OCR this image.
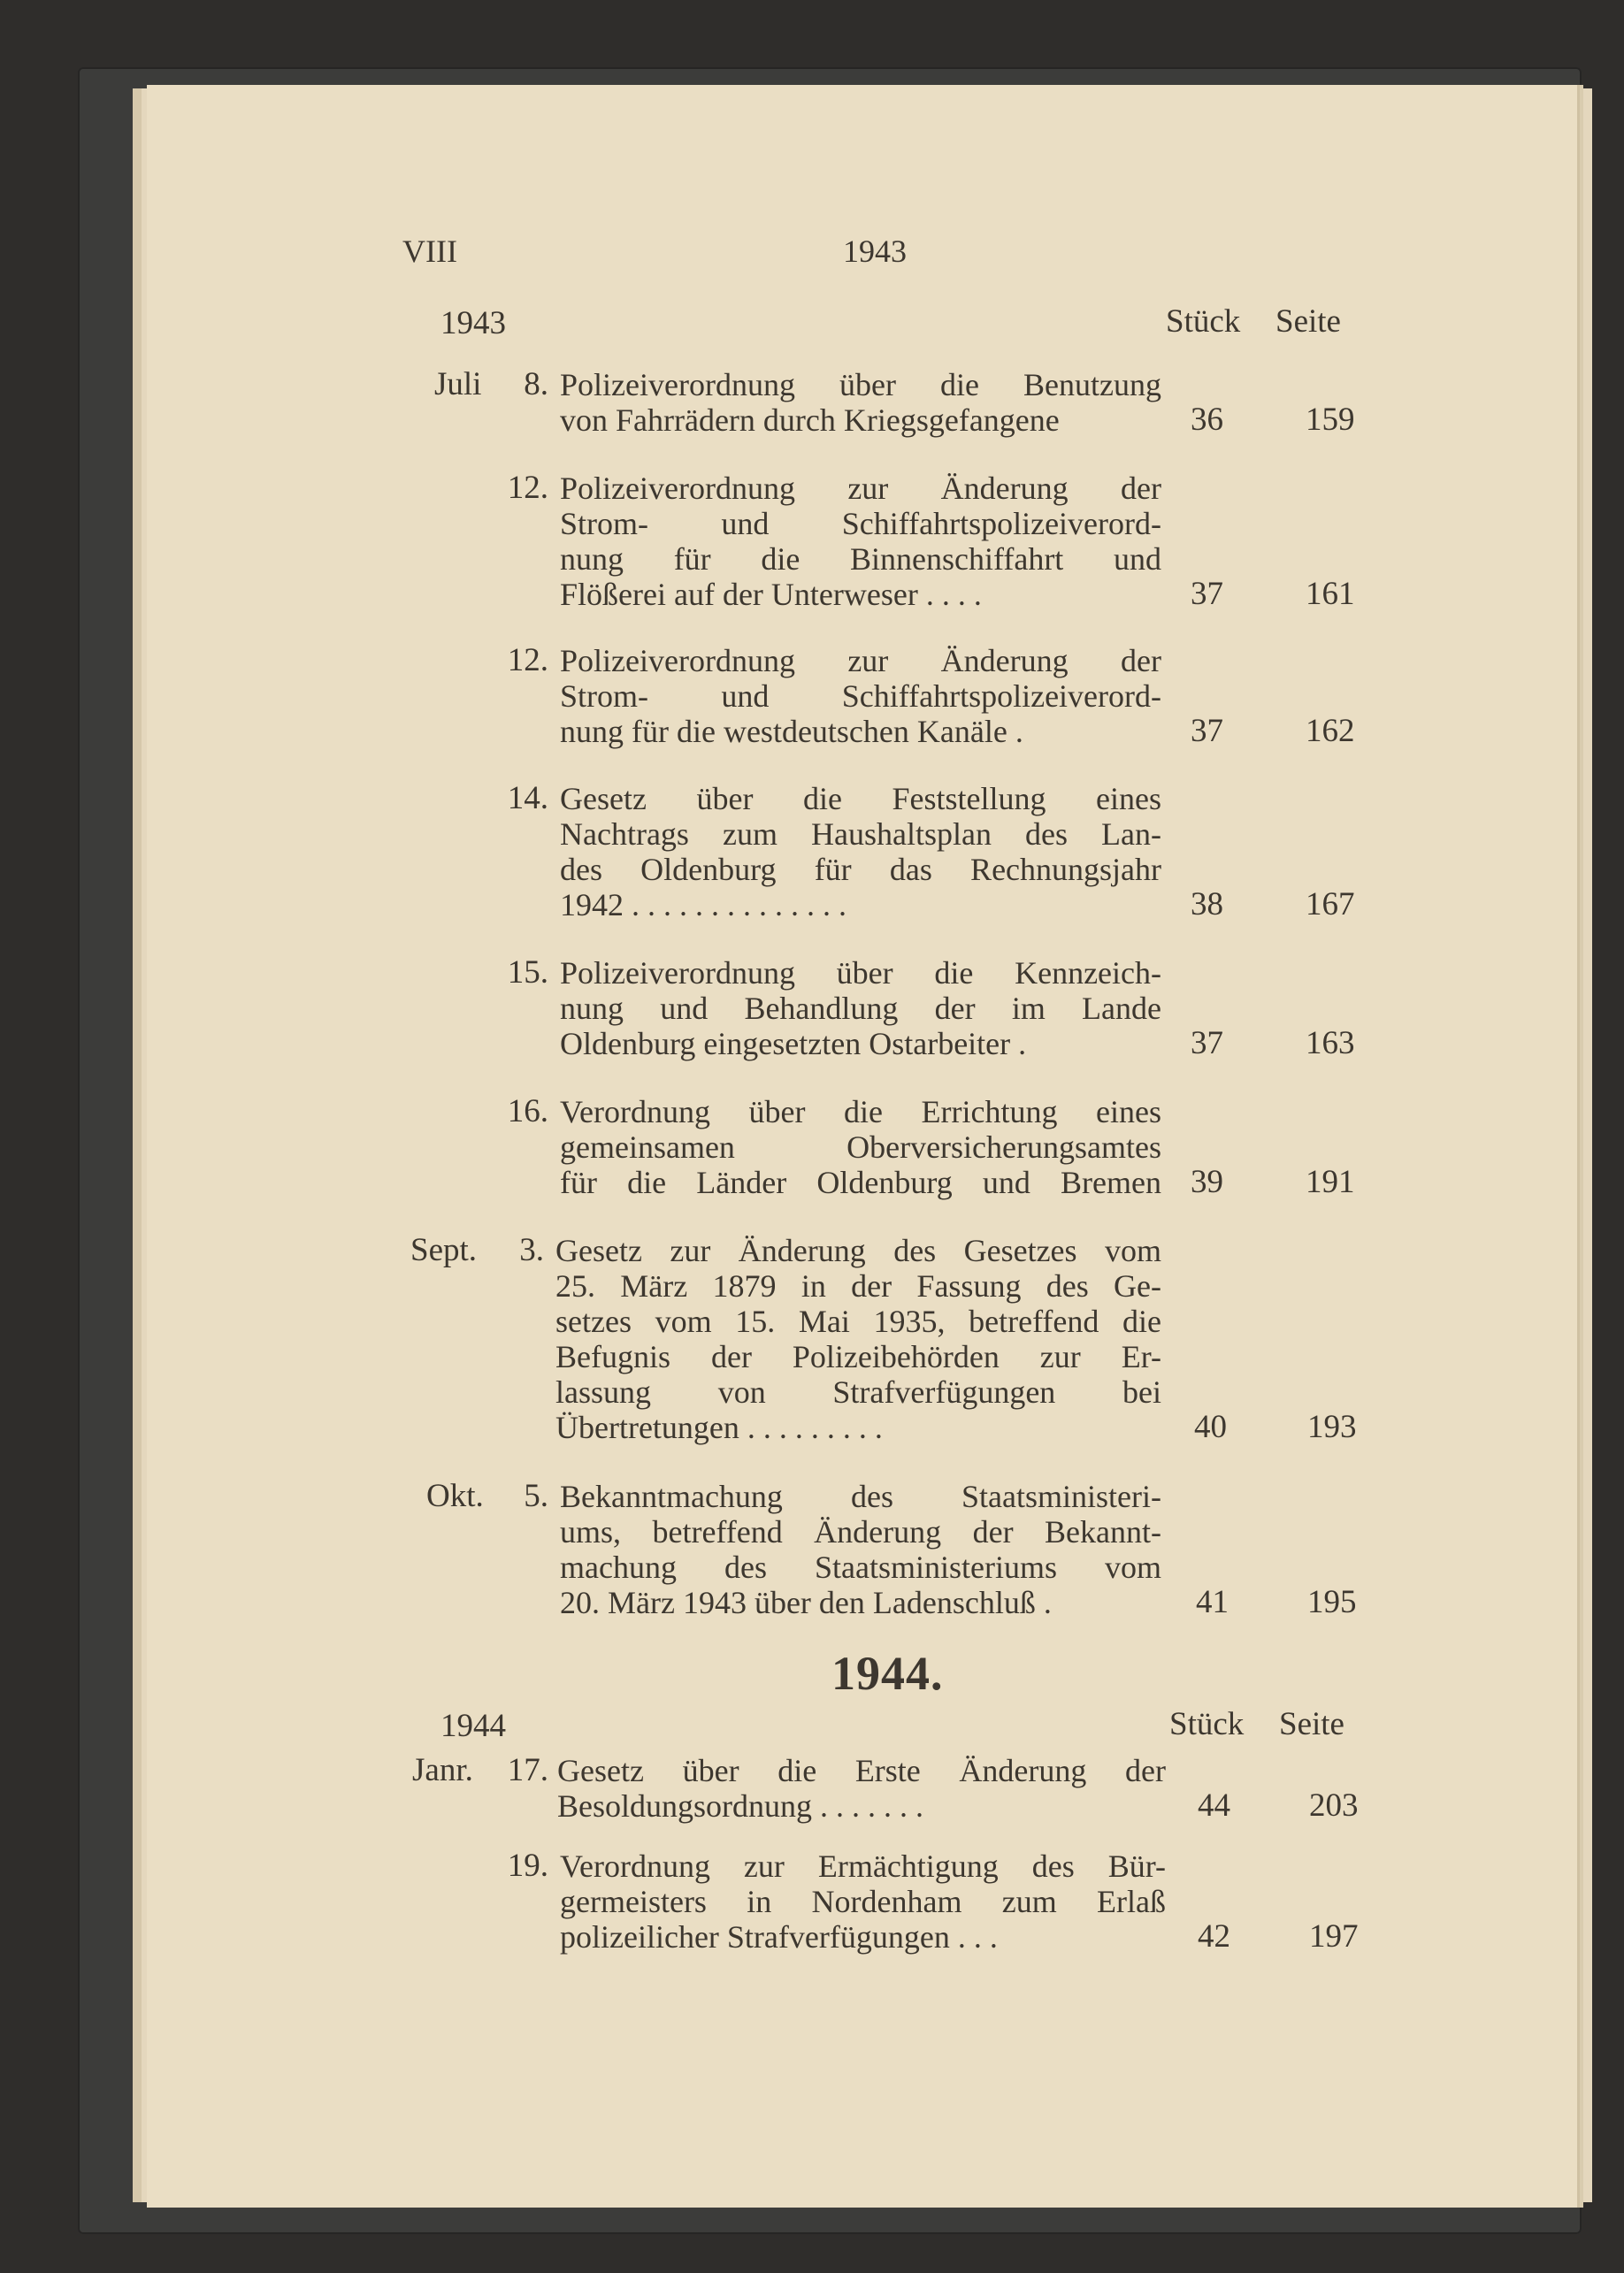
VIII	1943
1943	Stück Seite
Juli	8. Polizeiverordnung über die Benutzung
von Fahrrädern durch Kriegsgefangene	36	159
12. Polizeiverordnung zur Änderung der
Strom- und Schiffahrtspolizeiverord-
nung für die Binnenschiffahrt und
Flößerei auf der Unterweser . . . .	37	161
12. Polizeiverordnung zur Änderung der
Strom- und Schiffahrtspolizeiverord-
nung für die westdeutschen Kanäle .	37	162
14. Gesetz über die Feststellung eines
Nachtrags zum Haushaltsplan des Lan-
des Oldenburg für das Rechnungsjahr
1942 . . . . . . . . . . . . . .	38	167
15. Polizeiverordnung über die Kennzeich-
nung und Behandlung der im Lande
Oldenburg eingesetzten Ostarbeiter .	37	163
16. Verordnung über die Errichtung eines
gemeinsamen Oberversicherungsamtes
für die Länder Oldenburg und Bremen 39	191
Sept.	3. Gesetz zur Änderung des Gesetzes vom
25. März 1879 in der Fassung des Ge-
setzes vom 15. Mai 1935, betreffend die
Befugnis der Polizeibehörden zur Er-
lassung von Strafverfügungen bei
Übertretungen . . . . . . . . .	40 193
Okt.	5. Bekanntmachung des Staatsministeri-
ums, betreffend Änderung der Bekannt-
machung des Staatsministeriums vom
20. März 1943 über den Ladenschluß .	41 195
1944.
1944	Stück Seite
Janr.	17. Gesetz über die Erste Änderung der
Besoldungsordnung . . . . . . .	44 203
19. Verordnung zur Ermächtigung des Bür-
germeisters in Nordenham zum Erlaß
polizeilicher Strafverfügungen . . .	42 197
